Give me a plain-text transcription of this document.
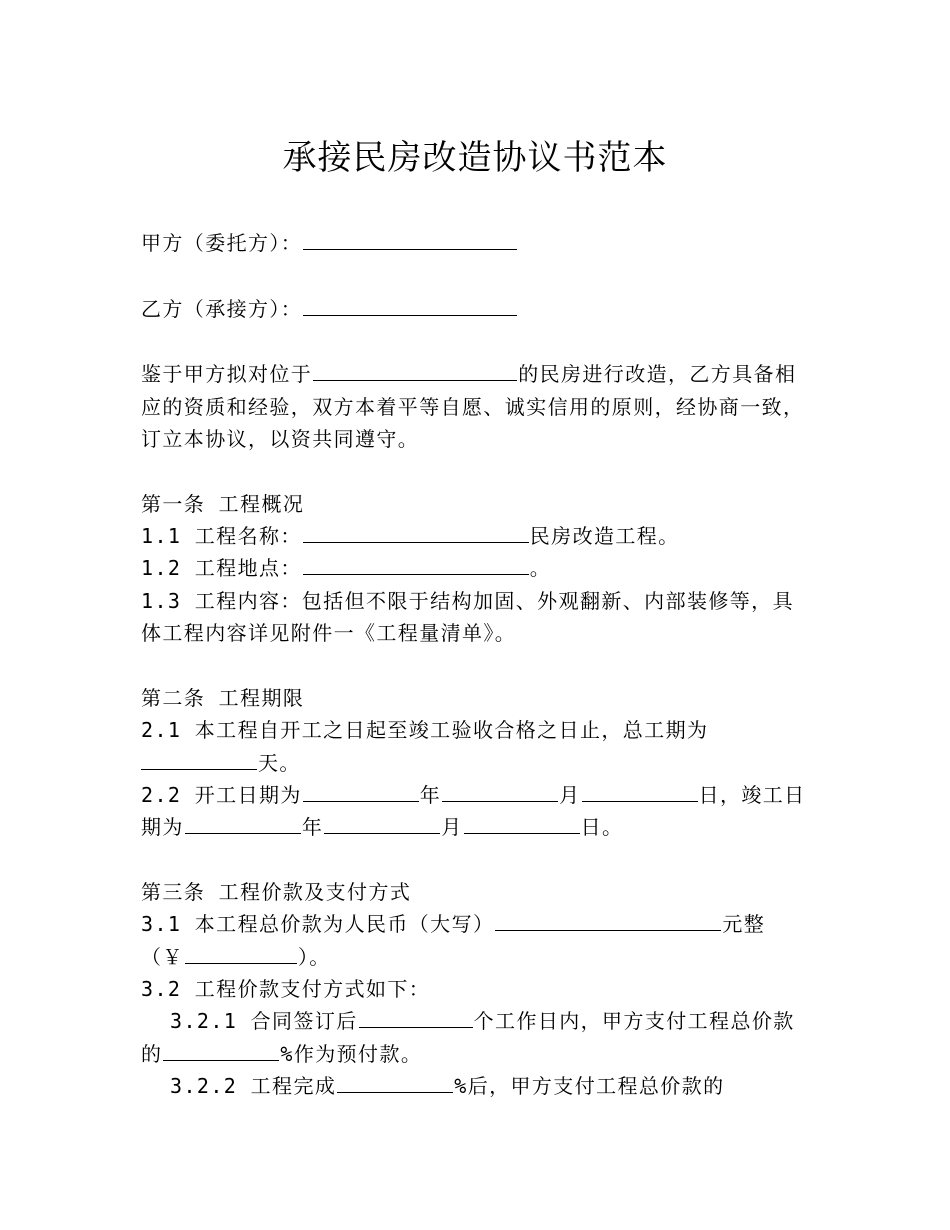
承接民房改造协议书范本
甲方（委托方）：
乙方（承接方）：
鉴于甲方拟对位于	的民房进行改造，乙方具备相
应的资质和经验，双方本着平等自愿、诚实信用的原则，经协商一致，
订立本协议，以资共同遵守。
第一条 工程概况
1.1 工程名称：	民房改造工程。
1.2 工程地点：	。
1.3 工程内容：包括但不限于结构加固、外观翻新、内部装修等，具
体工程内容详见附件一《工程量清单》。
第二条 工程期限
2.1 本工程自开工之日起至竣工验收合格之日止，总工期为
天。
2.2 开工日期为	年	月	日，竣工日
期为	年	月	日。
第三条 工程价款及支付方式
3.1 本工程总价款为人民币（大写）	元整
（￥	）。
3.2 工程价款支付方式如下：
3.2.1 合同签订后	个工作日内，甲方支付工程总价款
的	%作为预付款。
3.2.2 工程完成	%后，甲方支付工程总价款的
